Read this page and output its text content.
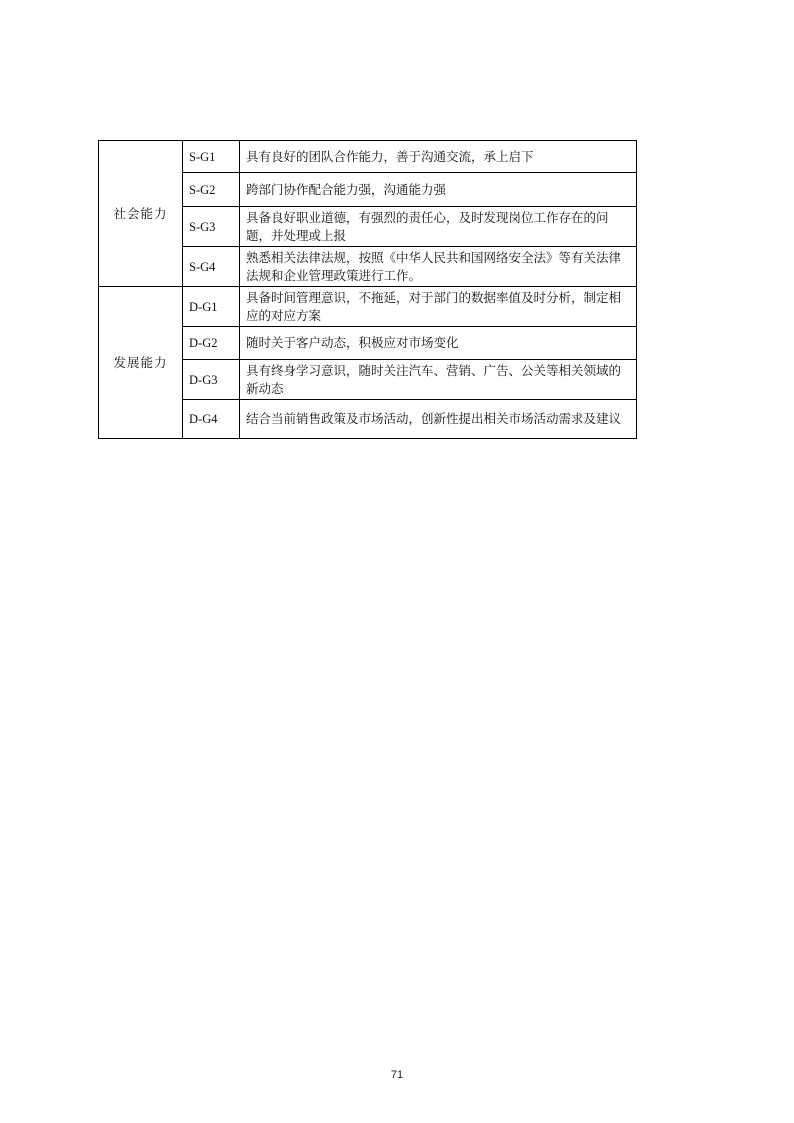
社会能力	S-G1	具有良好的团队合作能力，善于沟通交流，承上启下
	S-G2	跨部门协作配合能力强，沟通能力强
	S-G3	具备良好职业道德，有强烈的责任心，及时发现岗位工作存在的问题，并处理或上报
	S-G4	熟悉相关法律法规，按照《中华人民共和国网络安全法》等有关法律法规和企业管理政策进行工作。
发展能力	D-G1	具备时间管理意识，不拖延，对于部门的数据率值及时分析，制定相应的对应方案
	D-G2	随时关于客户动态，积极应对市场变化
	D-G3	具有终身学习意识，随时关注汽车、营销、广告、公关等相关领域的新动态
	D-G4	结合当前销售政策及市场活动，创新性提出相关市场活动需求及建议
71
